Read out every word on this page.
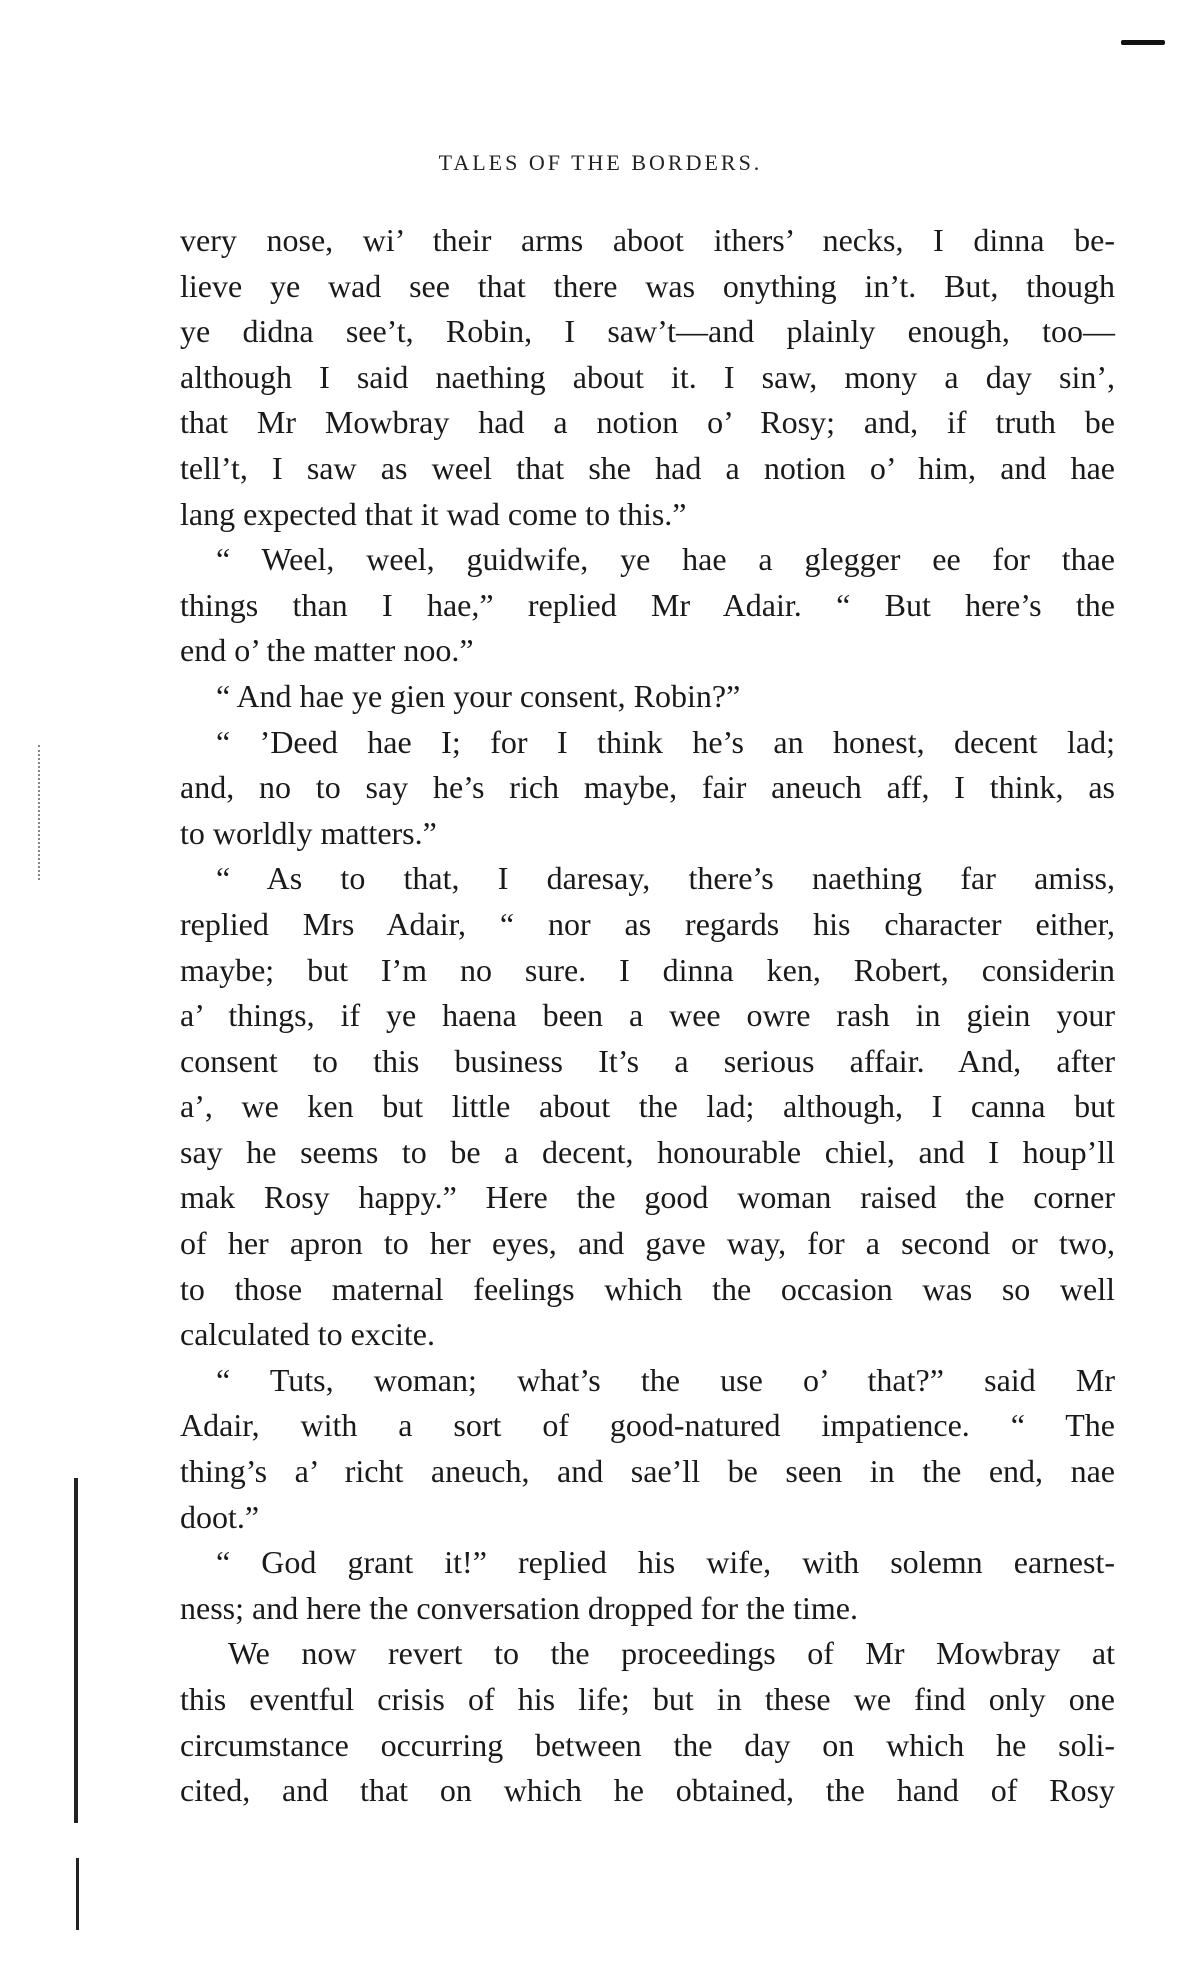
TALES OF THE BORDERS.
very nose, wi’ their arms aboot ithers’ necks, I dinna be-
lieve ye wad see that there was onything in’t. But, though
ye didna see’t, Robin, I saw’t—and plainly enough, too—
although I said naething about it. I saw, mony a day sin’,
that Mr Mowbray had a notion o’ Rosy; and, if truth be
tell’t, I saw as weel that she had a notion o’ him, and hae
lang expected that it wad come to this.”
“ Weel, weel, guidwife, ye hae a glegger ee for thae
things than I hae,” replied Mr Adair. “ But here’s the
end o’ the matter noo.”
“ And hae ye gien your consent, Robin?”
“ ’Deed hae I; for I think he’s an honest, decent lad;
and, no to say he’s rich maybe, fair aneuch aff, I think, as
to worldly matters.”
“ As to that, I daresay, there’s naething far amiss,
replied Mrs Adair, “ nor as regards his character either,
maybe; but I’m no sure. I dinna ken, Robert, considerin
a’ things, if ye haena been a wee owre rash in giein your
consent to this business It’s a serious affair. And, after
a’, we ken but little about the lad; although, I canna but
say he seems to be a decent, honourable chiel, and I houp’ll
mak Rosy happy.” Here the good woman raised the corner
of her apron to her eyes, and gave way, for a second or two,
to those maternal feelings which the occasion was so well
calculated to excite.
“ Tuts, woman; what’s the use o’ that?” said Mr
Adair, with a sort of good-natured impatience. “ The
thing’s a’ richt aneuch, and sae’ll be seen in the end, nae
doot.”
“ God grant it!” replied his wife, with solemn earnest-
ness; and here the conversation dropped for the time.
We now revert to the proceedings of Mr Mowbray at
this eventful crisis of his life; but in these we find only one
circumstance occurring between the day on which he soli-
cited, and that on which he obtained, the hand of Rosy
